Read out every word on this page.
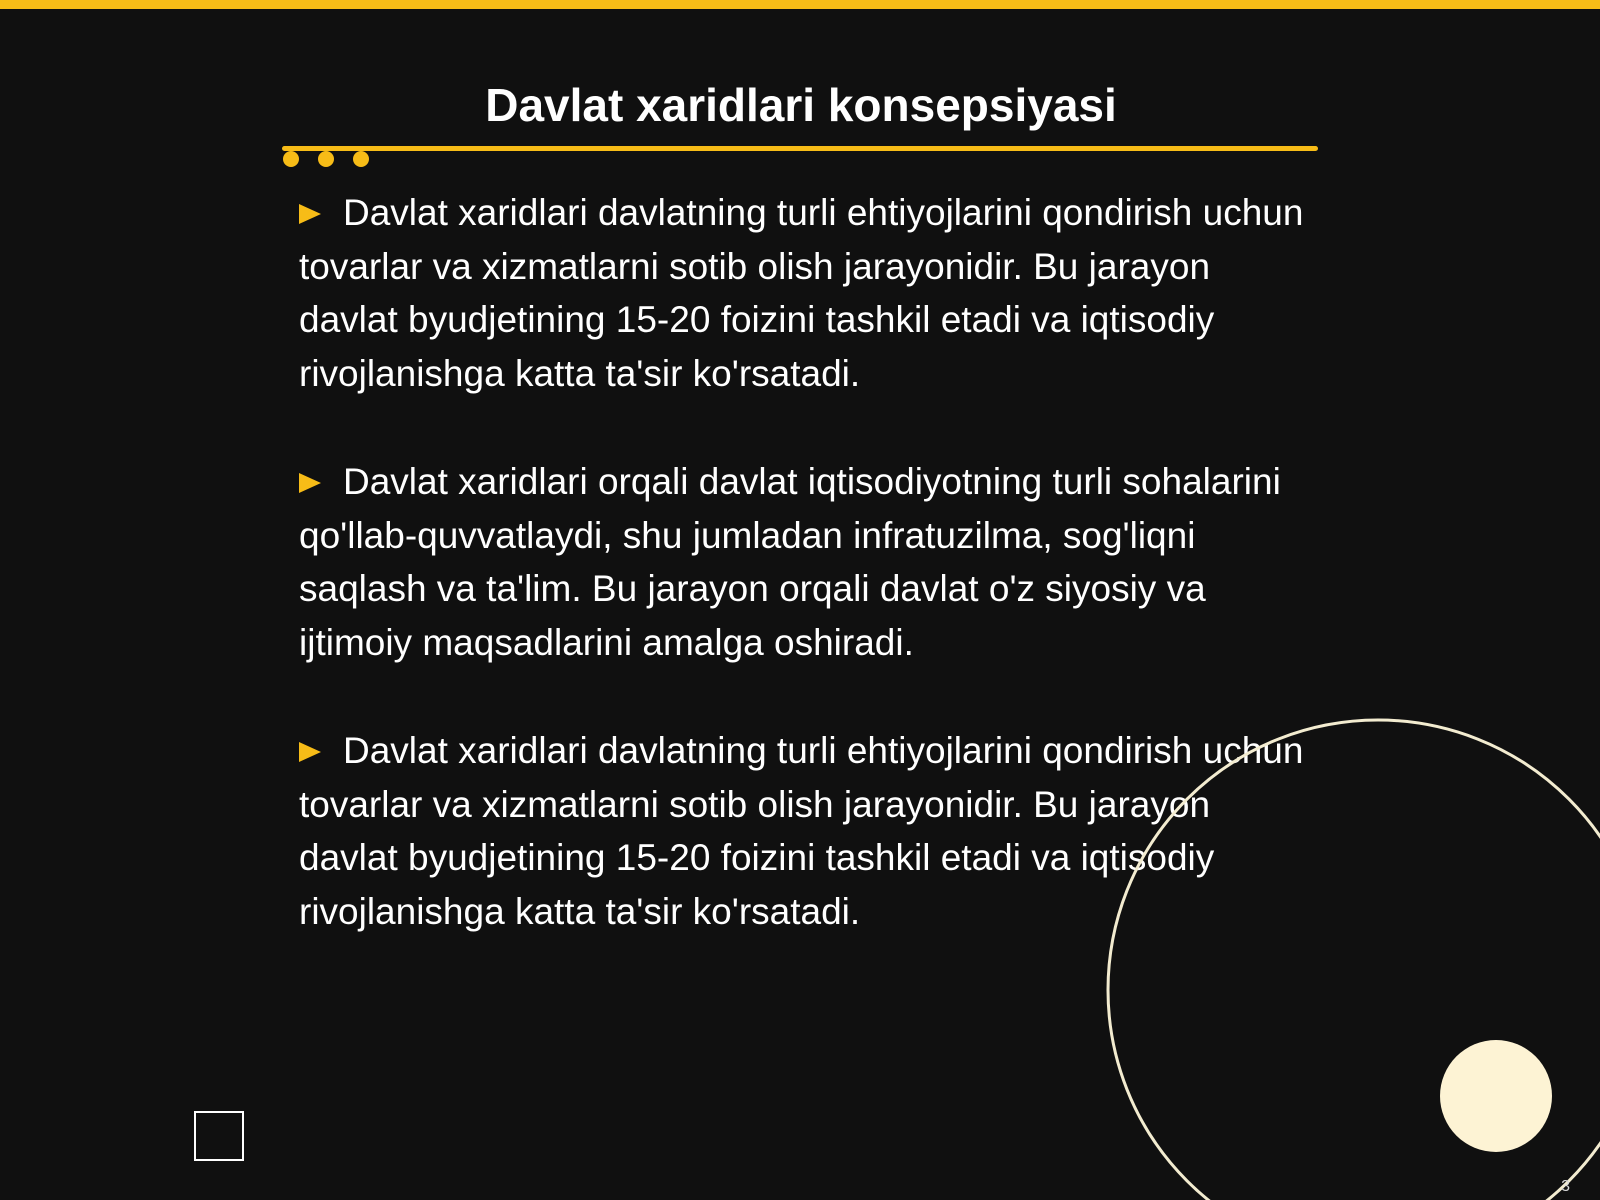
Davlat xaridlari konsepsiyasi
Davlat xaridlari davlatning turli ehtiyojlarini qondirish uchun tovarlar va xizmatlarni sotib olish jarayonidir. Bu jarayon davlat byudjetining 15-20 foizini tashkil etadi va iqtisodiy rivojlanishga katta ta'sir ko'rsatadi.
Davlat xaridlari orqali davlat iqtisodiyotning turli sohalarini qo'llab-quvvatlaydi, shu jumladan infratuzilma, sog'liqni saqlash va ta'lim. Bu jarayon orqali davlat o'z siyosiy va ijtimoiy maqsadlarini amalga oshiradi.
Davlat xaridlari davlatning turli ehtiyojlarini qondirish uchun tovarlar va xizmatlarni sotib olish jarayonidir. Bu jarayon davlat byudjetining 15-20 foizini tashkil etadi va iqtisodiy rivojlanishga katta ta'sir ko'rsatadi.
3
